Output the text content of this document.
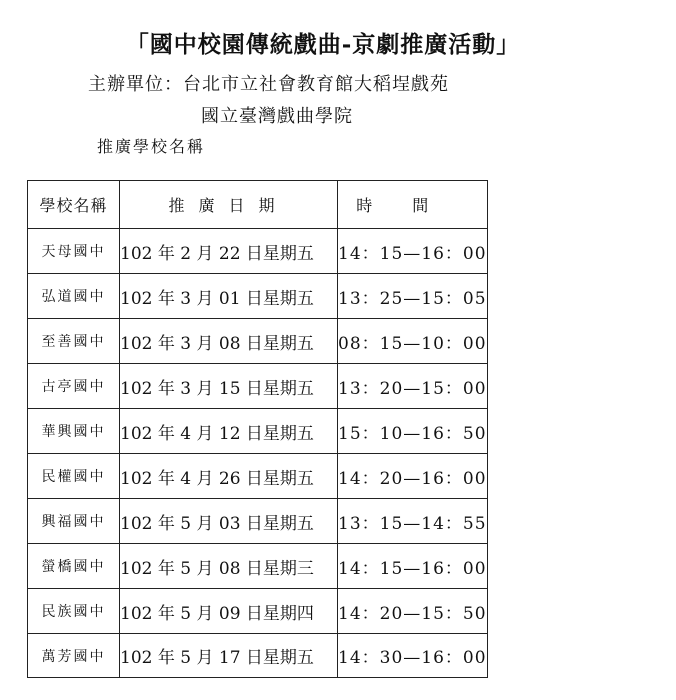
「國中校園傳統戲曲-京劇推廣活動」
主辦單位：台北市立社會教育館大稻埕戲苑
國立臺灣戲曲學院
推廣學校名稱
學校名稱	推廣日期	時間
天母國中	102 年 2 月 22 日星期五	14：15—16：00
弘道國中	102 年 3 月 01 日星期五	13：25—15：05
至善國中	102 年 3 月 08 日星期五	08：15—10：00
古亭國中	102 年 3 月 15 日星期五	13：20—15：00
華興國中	102 年 4 月 12 日星期五	15：10—16：50
民權國中	102 年 4 月 26 日星期五	14：20—16：00
興福國中	102 年 5 月 03 日星期五	13：15—14：55
螢橋國中	102 年 5 月 08 日星期三	14：15—16：00
民族國中	102 年 5 月 09 日星期四	14：20—15：50
萬芳國中	102 年 5 月 17 日星期五	14：30—16：00
